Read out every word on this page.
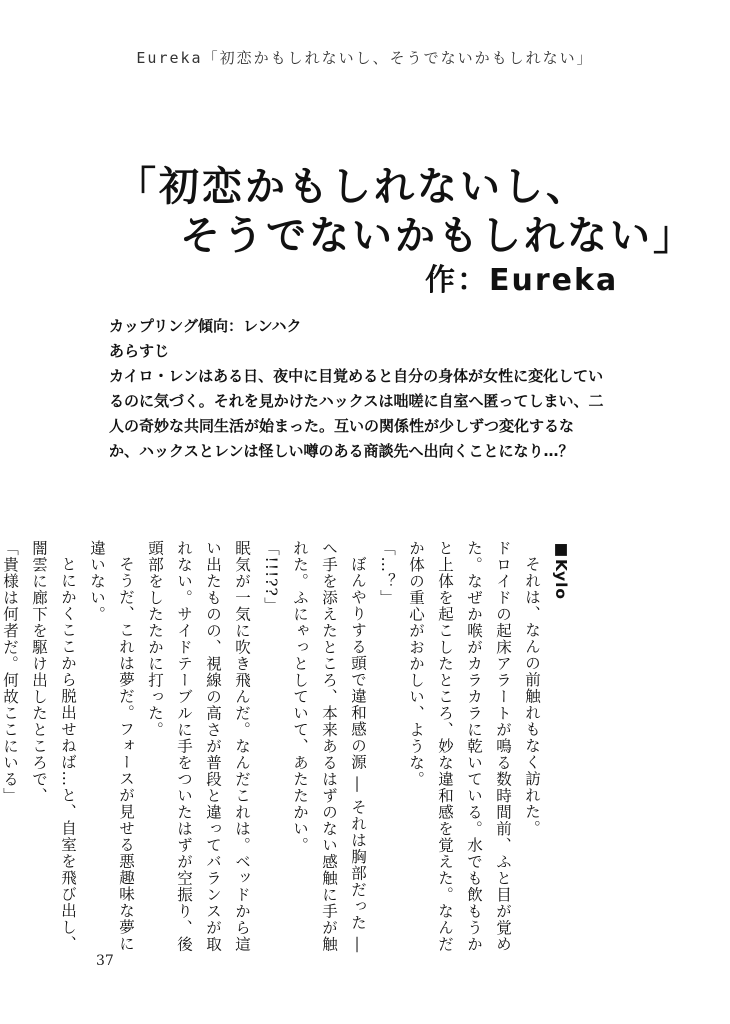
Eureka「初恋かもしれないし、そうでないかもしれない」
「初恋かもしれないし、
そうでないかもしれない」
作：Eureka
カップリング傾向：レンハク
あらすじ
カイロ・レンはある日、夜中に目覚めると自分の身体が女性に変化してい
るのに気づく。それを見かけたハックスは咄嗟に自室へ匿ってしまい、二
人の奇妙な共同生活が始まった。互いの関係性が少しずつ変化するな
か、ハックスとレンは怪しい噂のある商談先へ出向くことになり…？

■Kylo

それは、なんの前触れもなく訪れた。

ドロイドの起床アラートが鳴る数時間前、ふと目が覚めた。なぜか喉がカラカラに乾いている。水でも飲もうかと上体を起こしたところ、妙な違和感を覚えた。なんだか体の重心がおかしい、ような。

「…？」

ぼんやりする頭で違和感の源 ― それは胸部だった ― へ手を添えたところ、本来あるはずのない感触に手が触れた。ふにゃっとしていて、あたたかい。

「!!!??」

眠気が一気に吹き飛んだ。なんだこれは。ベッドから這い出たものの、視線の高さが普段と違ってバランスが取れない。サイドテーブルに手をついたはずが空振り、後頭部をしたたかに打った。

そうだ、これは夢だ。フォースが見せる悪趣味な夢に違いない。

とにかくここから脱出せねば…と、自室を飛び出し、闇雲に廊下を駆け出したところで、

「貴様は何者だ。何故ここにいる」

37
